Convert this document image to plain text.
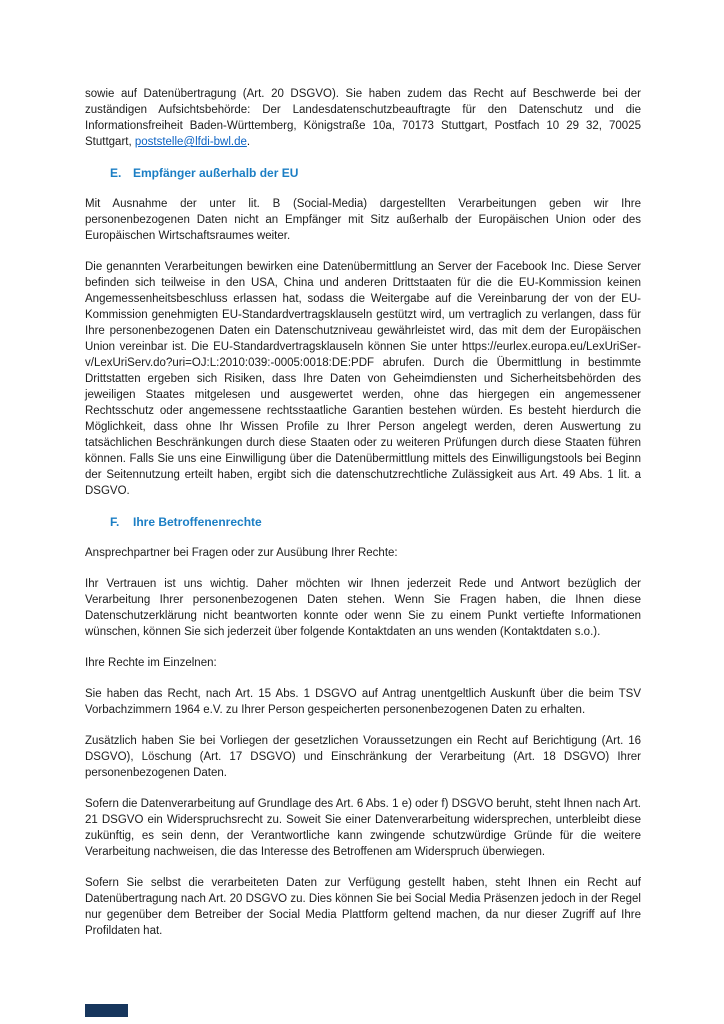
sowie auf Datenübertragung (Art. 20 DSGVO). Sie haben zudem das Recht auf Beschwerde bei der zuständigen Aufsichtsbehörde: Der Landesdatenschutzbeauftragte für den Datenschutz und die Informationsfreiheit Baden-Württemberg, Königstraße 10a, 70173 Stuttgart, Postfach 10 29 32, 70025 Stuttgart, poststelle@lfdi-bwl.de.

E. Empfänger außerhalb der EU

Mit Ausnahme der unter lit. B (Social-Media) dargestellten Verarbeitungen geben wir Ihre personenbezogenen Daten nicht an Empfänger mit Sitz außerhalb der Europäischen Union oder des Europäischen Wirtschaftsraumes weiter.

Die genannten Verarbeitungen bewirken eine Datenübermittlung an Server der Facebook Inc. Diese Server befinden sich teilweise in den USA, China und anderen Drittstaaten für die die EU-Kommission keinen Angemessenheitsbeschluss erlassen hat, sodass die Weitergabe auf die Vereinbarung der von der EU-Kommission genehmigten EU-Standardvertragsklauseln gestützt wird, um vertraglich zu verlangen, dass für Ihre personenbezogenen Daten ein Datenschutzniveau gewährleistet wird, das mit dem der Europäischen Union vereinbar ist. Die EU-Standardvertragsklauseln können Sie unter https://eurlex.europa.eu/LexUriSer-v/LexUriServ.do?uri=OJ:L:2010:039:-0005:0018:DE:PDF abrufen. Durch die Übermittlung in bestimmte Drittstatten ergeben sich Risiken, dass Ihre Daten von Geheimdiensten und Sicherheitsbehörden des jeweiligen Staates mitgelesen und ausgewertet werden, ohne das hiergegen ein angemessener Rechtsschutz oder angemessene rechtsstaatliche Garantien bestehen würden. Es besteht hierdurch die Möglichkeit, dass ohne Ihr Wissen Profile zu Ihrer Person angelegt werden, deren Auswertung zu tatsächlichen Beschränkungen durch diese Staaten oder zu weiteren Prüfungen durch diese Staaten führen können. Falls Sie uns eine Einwilligung über die Datenübermittlung mittels des Einwilligungstools bei Beginn der Seitennutzung erteilt haben, ergibt sich die datenschutzrechtliche Zulässigkeit aus Art. 49 Abs. 1 lit. a DSGVO.

F. Ihre Betroffenenrechte

Ansprechpartner bei Fragen oder zur Ausübung Ihrer Rechte:

Ihr Vertrauen ist uns wichtig. Daher möchten wir Ihnen jederzeit Rede und Antwort bezüglich der Verarbeitung Ihrer personenbezogenen Daten stehen. Wenn Sie Fragen haben, die Ihnen diese Datenschutzerklärung nicht beantworten konnte oder wenn Sie zu einem Punkt vertiefte Informationen wünschen, können Sie sich jederzeit über folgende Kontaktdaten an uns wenden (Kontaktdaten s.o.).

Ihre Rechte im Einzelnen:

Sie haben das Recht, nach Art. 15 Abs. 1 DSGVO auf Antrag unentgeltlich Auskunft über die beim TSV Vorbachzimmern 1964 e.V. zu Ihrer Person gespeicherten personenbezogenen Daten zu erhalten.

Zusätzlich haben Sie bei Vorliegen der gesetzlichen Voraussetzungen ein Recht auf Berichtigung (Art. 16 DSGVO), Löschung (Art. 17 DSGVO) und Einschränkung der Verarbeitung (Art. 18 DSGVO) Ihrer personenbezogenen Daten.

Sofern die Datenverarbeitung auf Grundlage des Art. 6 Abs. 1 e) oder f) DSGVO beruht, steht Ihnen nach Art. 21 DSGVO ein Widerspruchsrecht zu. Soweit Sie einer Datenverarbeitung widersprechen, unterbleibt diese zukünftig, es sein denn, der Verantwortliche kann zwingende schutzwürdige Gründe für die weitere Verarbeitung nachweisen, die das Interesse des Betroffenen am Widerspruch überwiegen.

Sofern Sie selbst die verarbeiteten Daten zur Verfügung gestellt haben, steht Ihnen ein Recht auf Datenübertragung nach Art. 20 DSGVO zu. Dies können Sie bei Social Media Präsenzen jedoch in der Regel nur gegenüber dem Betreiber der Social Media Plattform geltend machen, da nur dieser Zugriff auf Ihre Profildaten hat.
